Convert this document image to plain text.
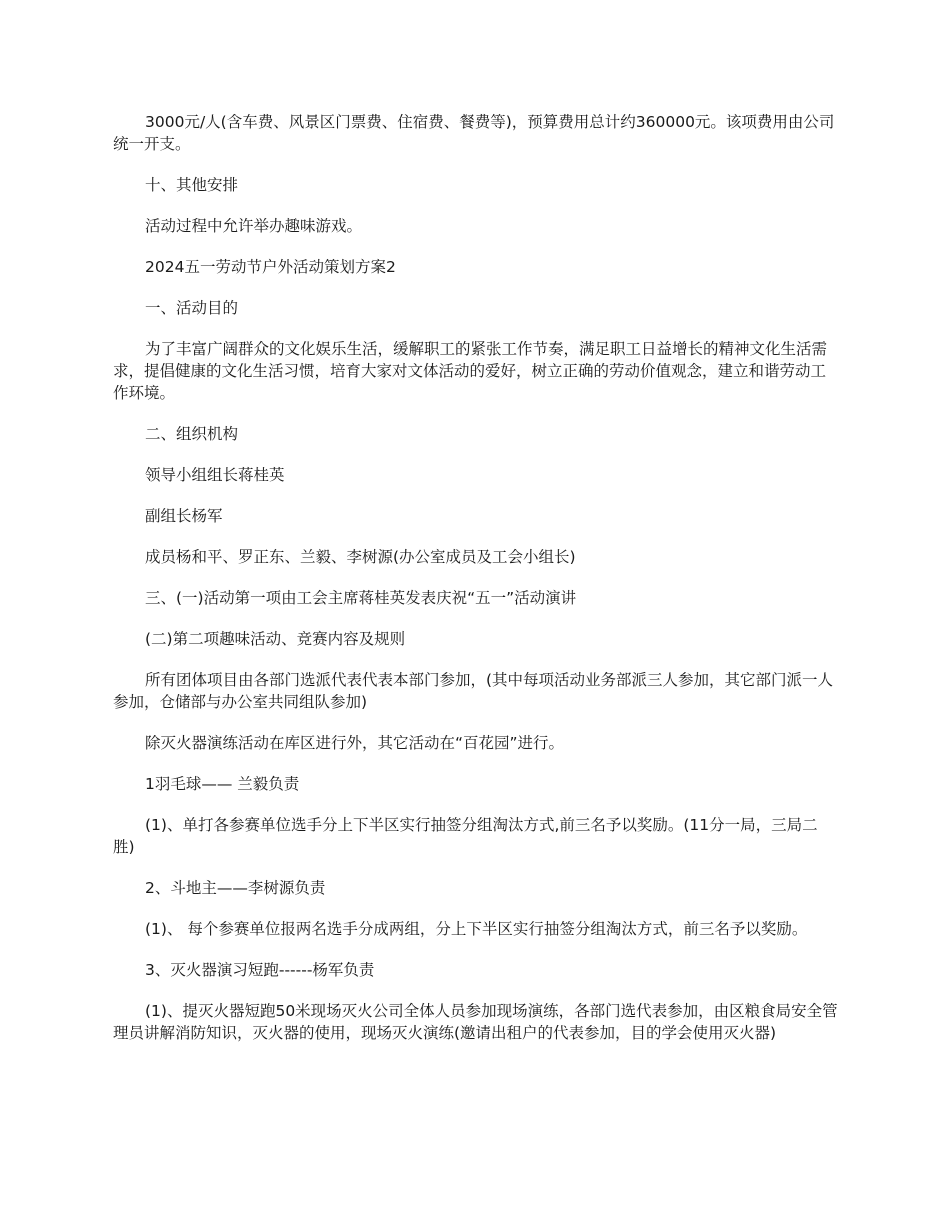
3000元/人(含车费、风景区门票费、住宿费、餐费等)，预算费用总计约360000元。该项费用由公司统一开支。

十、其他安排

活动过程中允许举办趣味游戏。

2024五一劳动节户外活动策划方案2

一、活动目的

为了丰富广阔群众的文化娱乐生活，缓解职工的紧张工作节奏，满足职工日益增长的精神文化生活需求，提倡健康的文化生活习惯，培育大家对文体活动的爱好，树立正确的劳动价值观念，建立和谐劳动工作环境。

二、组织机构

领导小组组长蒋桂英

副组长杨军

成员杨和平、罗正东、兰毅、李树源(办公室成员及工会小组长)

三、(一)活动第一项由工会主席蒋桂英发表庆祝“五一”活动演讲

(二)第二项趣味活动、竞赛内容及规则

所有团体项目由各部门选派代表代表本部门参加，(其中每项活动业务部派三人参加，其它部门派一人参加，仓储部与办公室共同组队参加)

除灭火器演练活动在库区进行外，其它活动在“百花园”进行。

1羽毛球—— 兰毅负责

(1)、单打各参赛单位选手分上下半区实行抽签分组淘汰方式,前三名予以奖励。(11分一局，三局二胜)

2、斗地主——李树源负责

(1)、 每个参赛单位报两名选手分成两组，分上下半区实行抽签分组淘汰方式，前三名予以奖励。

3、灭火器演习短跑------杨军负责

(1)、提灭火器短跑50米现场灭火公司全体人员参加现场演练，各部门选代表参加，由区粮食局安全管理员讲解消防知识，灭火器的使用，现场灭火演练(邀请出租户的代表参加，目的学会使用灭火器)
